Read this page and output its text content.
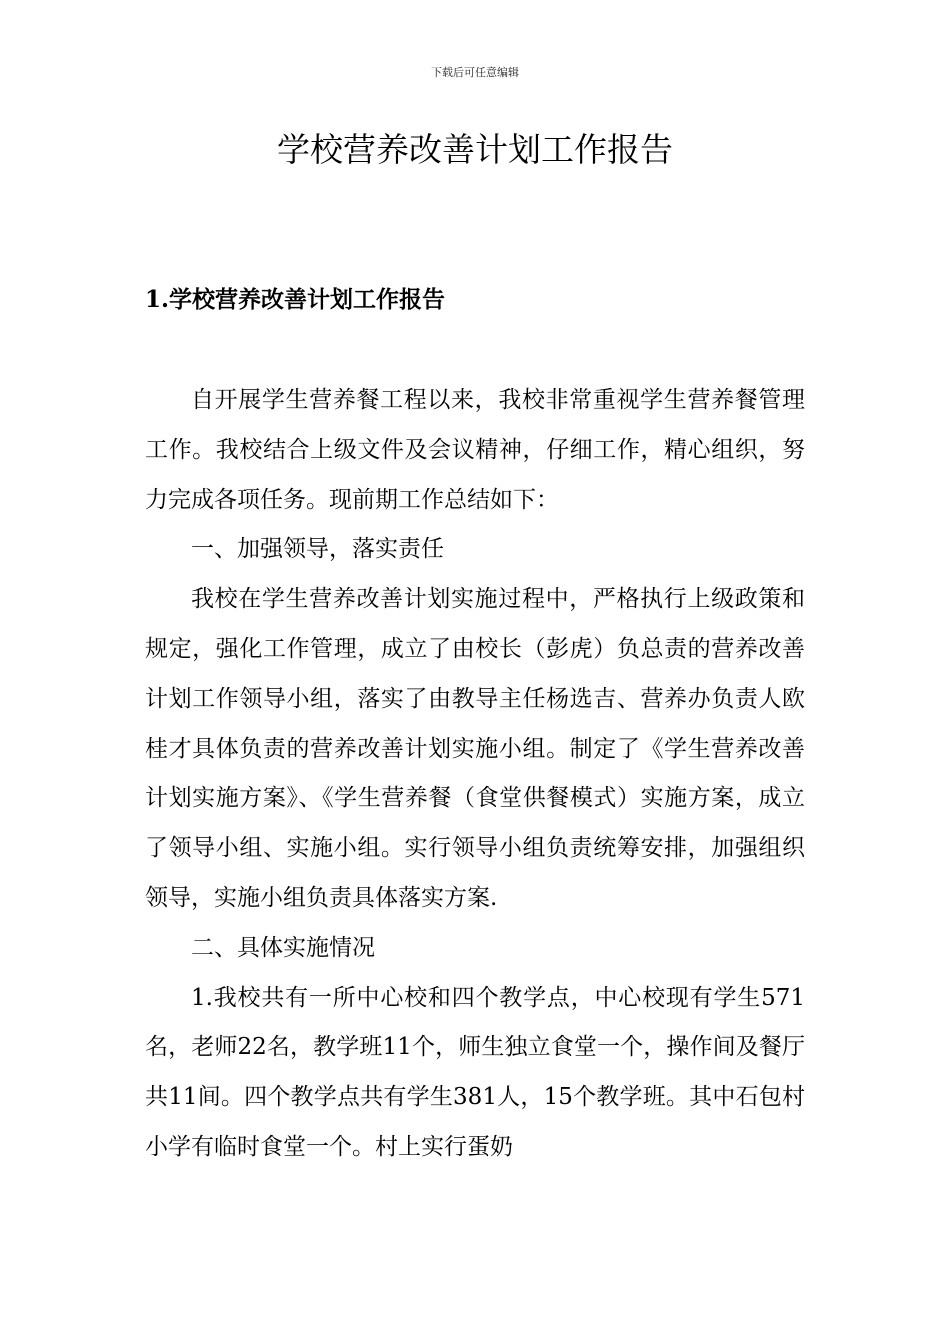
下载后可任意编辑
学校营养改善计划工作报告
1.学校营养改善计划工作报告

自开展学生营养餐工程以来，我校非常重视学生营养餐管理工作。我校结合上级文件及会议精神，仔细工作，精心组织，努力完成各项任务。现前期工作总结如下：

一、加强领导，落实责任

我校在学生营养改善计划实施过程中，严格执行上级政策和规定，强化工作管理，成立了由校长（彭虎）负总责的营养改善计划工作领导小组，落实了由教导主任杨选吉、营养办负责人欧桂才具体负责的营养改善计划实施小组。制定了《学生营养改善计划实施方案》、《学生营养餐（食堂供餐模式）实施方案，成立了领导小组、实施小组。实行领导小组负责统筹安排，加强组织领导，实施小组负责具体落实方案.

二、具体实施情况

1.我校共有一所中心校和四个教学点，中心校现有学生571名，老师22名，教学班11个，师生独立食堂一个，操作间及餐厅共11间。四个教学点共有学生381人，15个教学班。其中石包村小学有临时食堂一个。村上实行蛋奶
